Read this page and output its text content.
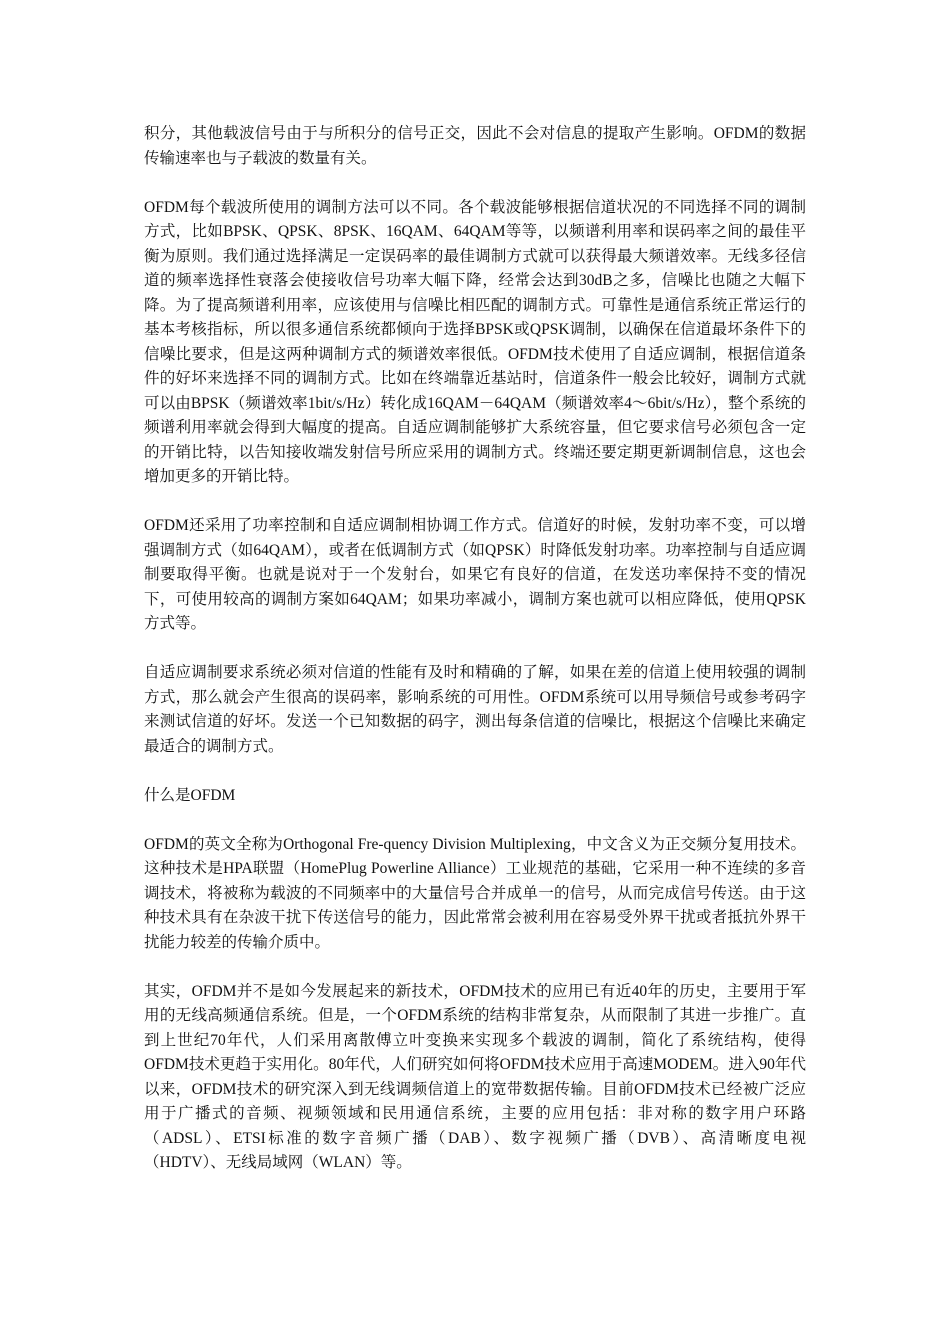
积分，其他载波信号由于与所积分的信号正交，因此不会对信息的提取产生影响。OFDM的数据传输速率也与子载波的数量有关。

OFDM每个载波所使用的调制方法可以不同。各个载波能够根据信道状况的不同选择不同的调制方式，比如BPSK、QPSK、8PSK、16QAM、64QAM等等，以频谱利用率和误码率之间的最佳平衡为原则。我们通过选择满足一定误码率的最佳调制方式就可以获得最大频谱效率。无线多径信道的频率选择性衰落会使接收信号功率大幅下降，经常会达到30dB之多，信噪比也随之大幅下降。为了提高频谱利用率，应该使用与信噪比相匹配的调制方式。可靠性是通信系统正常运行的基本考核指标，所以很多通信系统都倾向于选择BPSK或QPSK调制，以确保在信道最坏条件下的信噪比要求，但是这两种调制方式的频谱效率很低。OFDM技术使用了自适应调制，根据信道条件的好坏来选择不同的调制方式。比如在终端靠近基站时，信道条件一般会比较好，调制方式就可以由BPSK（频谱效率1bit/s/Hz）转化成16QAM－64QAM（频谱效率4～6bit/s/Hz），整个系统的频谱利用率就会得到大幅度的提高。自适应调制能够扩大系统容量，但它要求信号必须包含一定的开销比特，以告知接收端发射信号所应采用的调制方式。终端还要定期更新调制信息，这也会增加更多的开销比特。

OFDM还采用了功率控制和自适应调制相协调工作方式。信道好的时候，发射功率不变，可以增强调制方式（如64QAM），或者在低调制方式（如QPSK）时降低发射功率。功率控制与自适应调制要取得平衡。也就是说对于一个发射台，如果它有良好的信道，在发送功率保持不变的情况下，可使用较高的调制方案如64QAM；如果功率减小，调制方案也就可以相应降低，使用QPSK方式等。

自适应调制要求系统必须对信道的性能有及时和精确的了解，如果在差的信道上使用较强的调制方式，那么就会产生很高的误码率，影响系统的可用性。OFDM系统可以用导频信号或参考码字来测试信道的好坏。发送一个已知数据的码字，测出每条信道的信噪比，根据这个信噪比来确定最适合的调制方式。

什么是OFDM

OFDM的英文全称为Orthogonal Fre-quency Division Multiplexing，中文含义为正交频分复用技术。这种技术是HPA联盟（HomePlug Powerline Alliance）工业规范的基础，它采用一种不连续的多音调技术，将被称为载波的不同频率中的大量信号合并成单一的信号，从而完成信号传送。由于这种技术具有在杂波干扰下传送信号的能力，因此常常会被利用在容易受外界干扰或者抵抗外界干扰能力较差的传输介质中。

其实，OFDM并不是如今发展起来的新技术，OFDM技术的应用已有近40年的历史，主要用于军用的无线高频通信系统。但是，一个OFDM系统的结构非常复杂，从而限制了其进一步推广。直到上世纪70年代，人们采用离散傅立叶变换来实现多个载波的调制，简化了系统结构，使得OFDM技术更趋于实用化。80年代，人们研究如何将OFDM技术应用于高速MODEM。进入90年代以来，OFDM技术的研究深入到无线调频信道上的宽带数据传输。目前OFDM技术已经被广泛应用于广播式的音频、视频领域和民用通信系统，主要的应用包括：非对称的数字用户环路（ADSL）、ETSI标准的数字音频广播（DAB）、数字视频广播（DVB）、高清晰度电视（HDTV）、无线局域网（WLAN）等。
